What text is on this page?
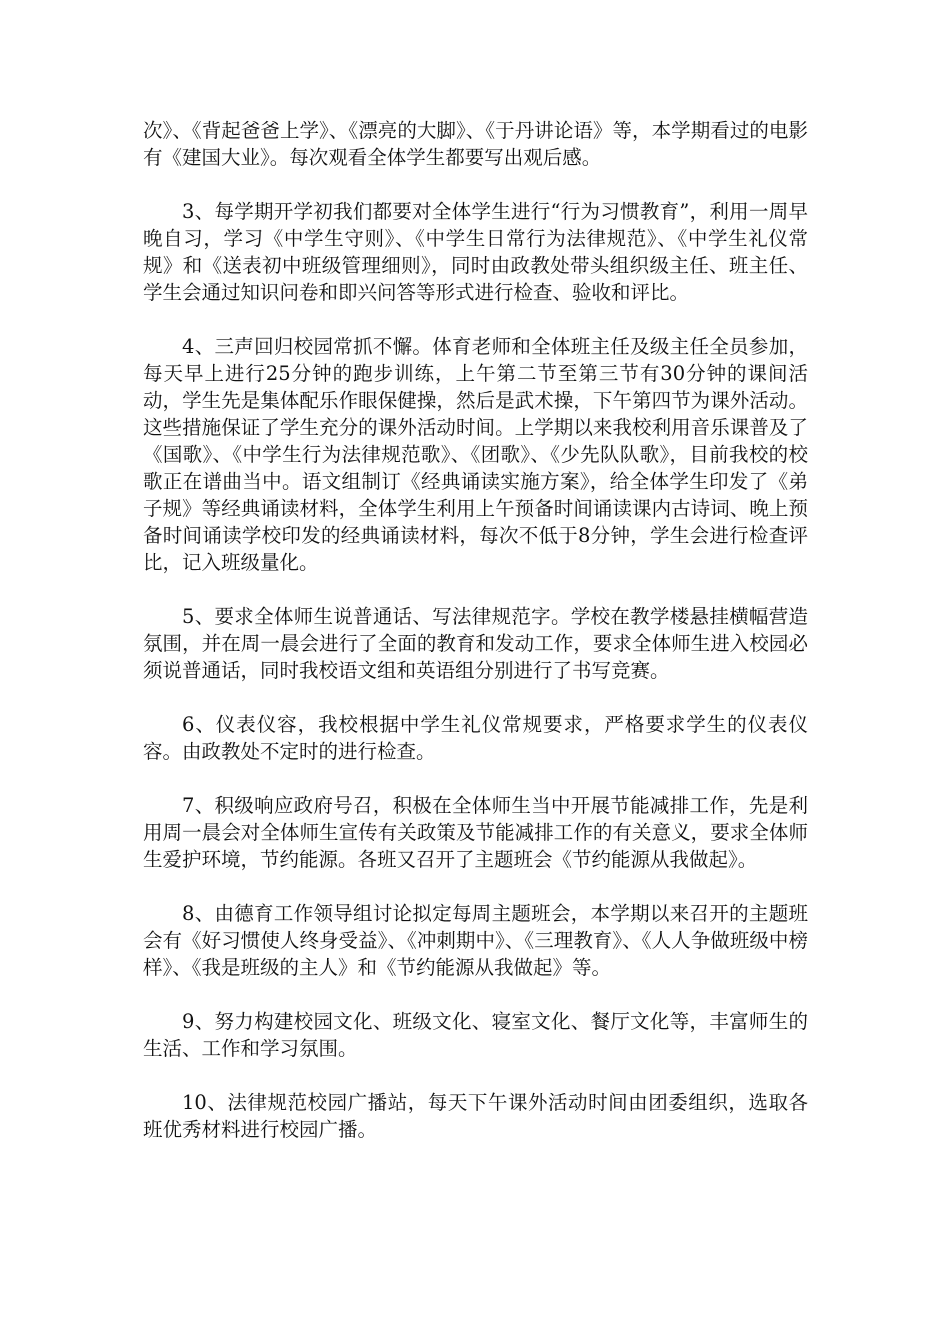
次》、《背起爸爸上学》、《漂亮的大脚》、《于丹讲论语》等，本学期看过的电影有《建国大业》。每次观看全体学生都要写出观后感。

3、每学期开学初我们都要对全体学生进行“行为习惯教育”，利用一周早晚自习，学习《中学生守则》、《中学生日常行为法律规范》、《中学生礼仪常规》和《送表初中班级管理细则》，同时由政教处带头组织级主任、班主任、学生会通过知识问卷和即兴问答等形式进行检查、验收和评比。

4、三声回归校园常抓不懈。体育老师和全体班主任及级主任全员参加，每天早上进行25分钟的跑步训练，上午第二节至第三节有30分钟的课间活动，学生先是集体配乐作眼保健操，然后是武术操，下午第四节为课外活动。这些措施保证了学生充分的课外活动时间。上学期以来我校利用音乐课普及了《国歌》、《中学生行为法律规范歌》、《团歌》、《少先队队歌》，目前我校的校歌正在谱曲当中。语文组制订《经典诵读实施方案》，给全体学生印发了《弟子规》等经典诵读材料，全体学生利用上午预备时间诵读课内古诗词、晚上预备时间诵读学校印发的经典诵读材料，每次不低于8分钟，学生会进行检查评比，记入班级量化。

5、要求全体师生说普通话、写法律规范字。学校在教学楼悬挂横幅营造氛围，并在周一晨会进行了全面的教育和发动工作，要求全体师生进入校园必须说普通话，同时我校语文组和英语组分别进行了书写竞赛。

6、仪表仪容，我校根据中学生礼仪常规要求，严格要求学生的仪表仪容。由政教处不定时的进行检查。

7、积级响应政府号召，积极在全体师生当中开展节能减排工作，先是利用周一晨会对全体师生宣传有关政策及节能减排工作的有关意义，要求全体师生爱护环境，节约能源。各班又召开了主题班会《节约能源从我做起》。

8、由德育工作领导组讨论拟定每周主题班会，本学期以来召开的主题班会有《好习惯使人终身受益》、《冲刺期中》、《三理教育》、《人人争做班级中榜样》、《我是班级的主人》和《节约能源从我做起》等。

9、努力构建校园文化、班级文化、寝室文化、餐厅文化等，丰富师生的生活、工作和学习氛围。

10、法律规范校园广播站，每天下午课外活动时间由团委组织，选取各班优秀材料进行校园广播。
